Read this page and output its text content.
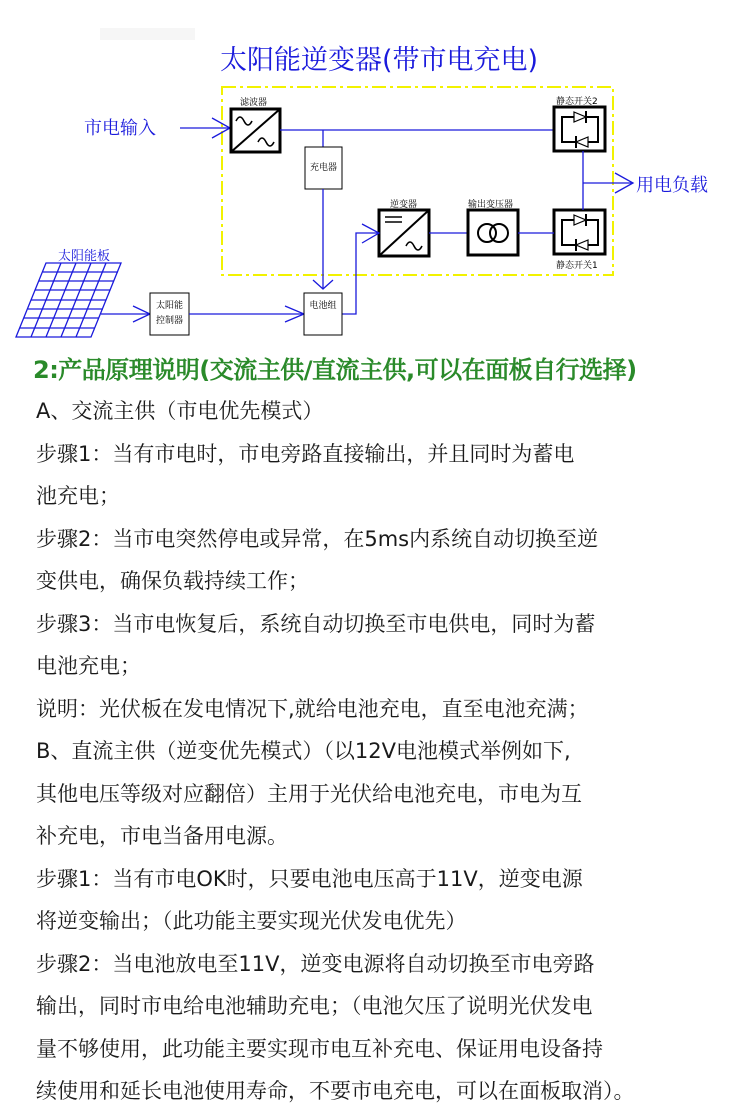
太阳能逆变器(带市电充电)
市电输入
用电负载
太阳能板
滤波器	静态开关2
静态开关1
逆变器	输出变压器
充电器
太阳能
控制器
电池组
2:产品原理说明(交流主供/直流主供,可以在面板自行选择)
A、交流主供（市电优先模式）
步骤1：当有市电时，市电旁路直接输出，并且同时为蓄电
池充电；
步骤2：当市电突然停电或异常，在5ms内系统自动切换至逆
变供电，确保负载持续工作；
步骤3：当市电恢复后，系统自动切换至市电供电，同时为蓄
电池充电；
说明：光伏板在发电情况下,就给电池充电，直至电池充满；
B、直流主供（逆变优先模式）（以12V电池模式举例如下,
其他电压等级对应翻倍）主用于光伏给电池充电，市电为互
补充电，市电当备用电源。
步骤1：当有市电OK时，只要电池电压高于11V，逆变电源
将逆变输出；（此功能主要实现光伏发电优先）
步骤2：当电池放电至11V，逆变电源将自动切换至市电旁路
输出，同时市电给电池辅助充电；（电池欠压了说明光伏发电
量不够使用，此功能主要实现市电互补充电、保证用电设备持
续使用和延长电池使用寿命，不要市电充电，可以在面板取消）。
